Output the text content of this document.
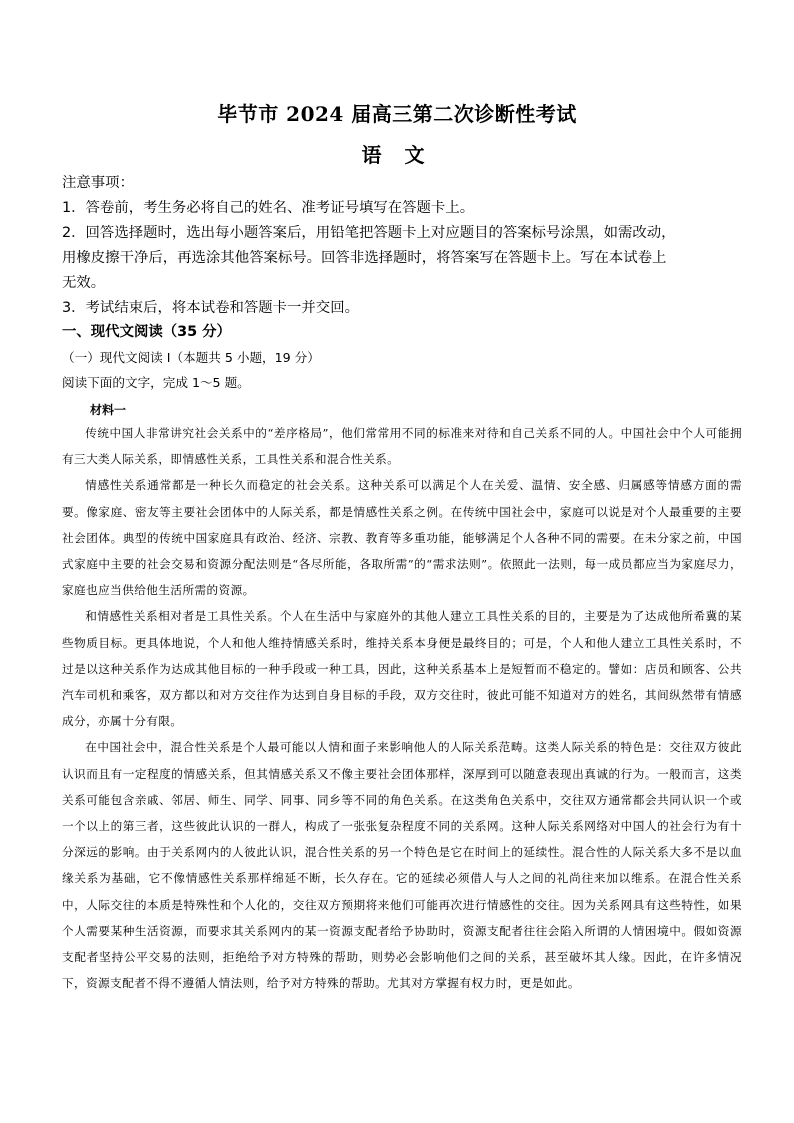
毕节市 2024 届高三第二次诊断性考试
语 文
注意事项：
1．答卷前，考生务必将自己的姓名、准考证号填写在答题卡上。
2．回答选择题时，选出每小题答案后，用铅笔把答题卡上对应题目的答案标号涂黑，如需改动，
用橡皮擦干净后，再选涂其他答案标号。回答非选择题时，将答案写在答题卡上。写在本试卷上
无效。
3．考试结束后，将本试卷和答题卡一并交回。
一、现代文阅读（35 分）
（一）现代文阅读 I（本题共 5 小题，19 分）
阅读下面的文字，完成 1～5 题。
材料一

传统中国人非常讲究社会关系中的“差序格局”，他们常常用不同的标准来对待和自己关系不同的人。中国社会中个人可能拥有三大类人际关系，即情感性关系，工具性关系和混合性关系。

情感性关系通常都是一种长久而稳定的社会关系。这种关系可以满足个人在关爱、温情、安全感、归属感等情感方面的需要。像家庭、密友等主要社会团体中的人际关系，都是情感性关系之例。在传统中国社会中，家庭可以说是对个人最重要的主要社会团体。典型的传统中国家庭具有政治、经济、宗教、教育等多重功能，能够满足个人各种不同的需要。在未分家之前，中国式家庭中主要的社会交易和资源分配法则是“各尽所能，各取所需”的“需求法则”。依照此一法则，每一成员都应当为家庭尽力，家庭也应当供给他生活所需的资源。

和情感性关系相对者是工具性关系。个人在生活中与家庭外的其他人建立工具性关系的目的，主要是为了达成他所希冀的某些物质目标。更具体地说，个人和他人维持情感关系时，维持关系本身便是最终目的；可是，个人和他人建立工具性关系时，不过是以这种关系作为达成其他目标的一种手段或一种工具，因此，这种关系基本上是短暂而不稳定的。譬如：店员和顾客、公共汽车司机和乘客，双方都以和对方交往作为达到自身目标的手段，双方交往时，彼此可能不知道对方的姓名，其间纵然带有情感成分，亦属十分有限。

在中国社会中，混合性关系是个人最可能以人情和面子来影响他人的人际关系范畴。这类人际关系的特色是：交往双方彼此认识而且有一定程度的情感关系，但其情感关系又不像主要社会团体那样，深厚到可以随意表现出真诚的行为。一般而言，这类关系可能包含亲戚、邻居、师生、同学、同事、同乡等不同的角色关系。在这类角色关系中，交往双方通常都会共同认识一个或一个以上的第三者，这些彼此认识的一群人，构成了一张张复杂程度不同的关系网。这种人际关系网络对中国人的社会行为有十分深远的影响。由于关系网内的人彼此认识，混合性关系的另一个特色是它在时间上的延续性。混合性的人际关系大多不是以血缘关系为基础，它不像情感性关系那样绵延不断，长久存在。它的延续必须借人与人之间的礼尚往来加以维系。在混合性关系中，人际交往的本质是特殊性和个人化的，交往双方预期将来他们可能再次进行情感性的交往。因为关系网具有这些特性，如果个人需要某种生活资源，而要求其关系网内的某一资源支配者给予协助时，资源支配者往往会陷入所谓的人情困境中。假如资源支配者坚持公平交易的法则，拒绝给予对方特殊的帮助，则势必会影响他们之间的关系，甚至破坏其人缘。因此，在许多情况下，资源支配者不得不遵循人情法则，给予对方特殊的帮助。尤其对方掌握有权力时，更是如此。
